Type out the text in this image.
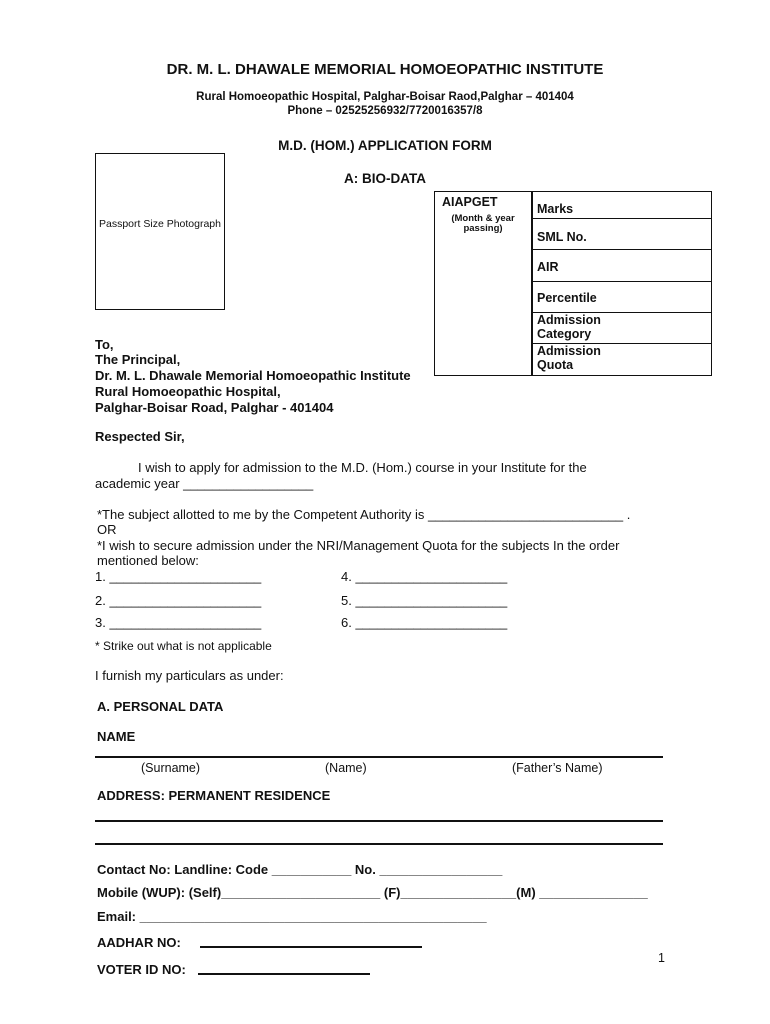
DR. M. L. DHAWALE MEMORIAL HOMOEOPATHIC INSTITUTE
Rural Homoeopathic Hospital, Palghar-Boisar Raod,Palghar – 401404
Phone – 02525256932/7720016357/8
M.D. (HOM.) APPLICATION FORM
A: BIO-DATA
Passport Size Photograph
AIAPGET
(Month & year passing)
Marks
SML No.
AIR
Percentile
Admission Category
Admission Quota
To,
The Principal,
Dr. M. L. Dhawale Memorial Homoeopathic Institute
Rural Homoeopathic Hospital,
Palghar-Boisar Road, Palghar - 401404
Respected Sir,
I wish to apply for admission to the M.D. (Hom.) course in your Institute for the
academic year __________________
*The subject allotted to me by the Competent Authority is ___________________________ .
OR
*I wish to secure admission under the NRI/Management Quota for the subjects In the order
mentioned below:
1. _____________________
2. _____________________
3. _____________________
4. _____________________
5. _____________________
6. _____________________
* Strike out what is not applicable
I furnish my particulars as under:
A. PERSONAL DATA
NAME
(Surname)	(Name)	(Father’s Name)
ADDRESS: PERMANENT RESIDENCE
Contact No: Landline: Code ___________ No. _________________
Mobile (WUP): (Self)______________________ (F)________________(M) _______________
Email: ________________________________________________
AADHAR NO:
VOTER ID NO:
1
